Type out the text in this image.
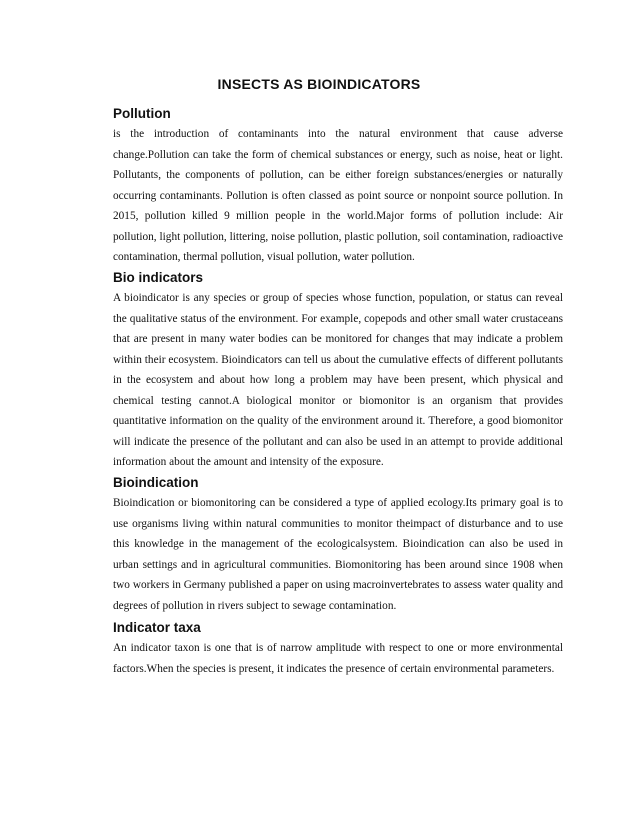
INSECTS AS BIOINDICATORS
Pollution

is the introduction of contaminants into the natural environment that cause adverse change.Pollution can take the form of chemical substances or energy, such as noise, heat or light. Pollutants, the components of pollution, can be either foreign substances/energies or naturally occurring contaminants. Pollution is often classed as point source or nonpoint source pollution. In 2015, pollution killed 9 million people in the world.Major forms of pollution include: Air pollution, light pollution, littering, noise pollution, plastic pollution, soil contamination, radioactive contamination, thermal pollution, visual pollution, water pollution.

Bio indicators

A bioindicator is any species or group of species whose function, population, or status can reveal the qualitative status of the environment. For example, copepods and other small water crustaceans that are present in many water bodies can be monitored for changes that may indicate a problem within their ecosystem. Bioindicators can tell us about the cumulative effects of different pollutants in the ecosystem and about how long a problem may have been present, which physical and chemical testing cannot.A biological monitor or biomonitor is an organism that provides quantitative information on the quality of the environment around it. Therefore, a good biomonitor will indicate the presence of the pollutant and can also be used in an attempt to provide additional information about the amount and intensity of the exposure.

Bioindication

Bioindication or biomonitoring can be considered a type of applied ecology.Its primary goal is to use organisms living within natural communities to monitor theimpact of disturbance and to use this knowledge in the management of the ecologicalsystem. Bioindication can also be used in urban settings and in agricultural communities. Biomonitoring has been around since 1908 when two workers in Germany published a paper on using macroinvertebrates to assess water quality and degrees of pollution in rivers subject to sewage contamination.

Indicator taxa

An indicator taxon is one that is of narrow amplitude with respect to one or more environmental factors.When the species is present, it indicates the presence of certain environmental parameters.
